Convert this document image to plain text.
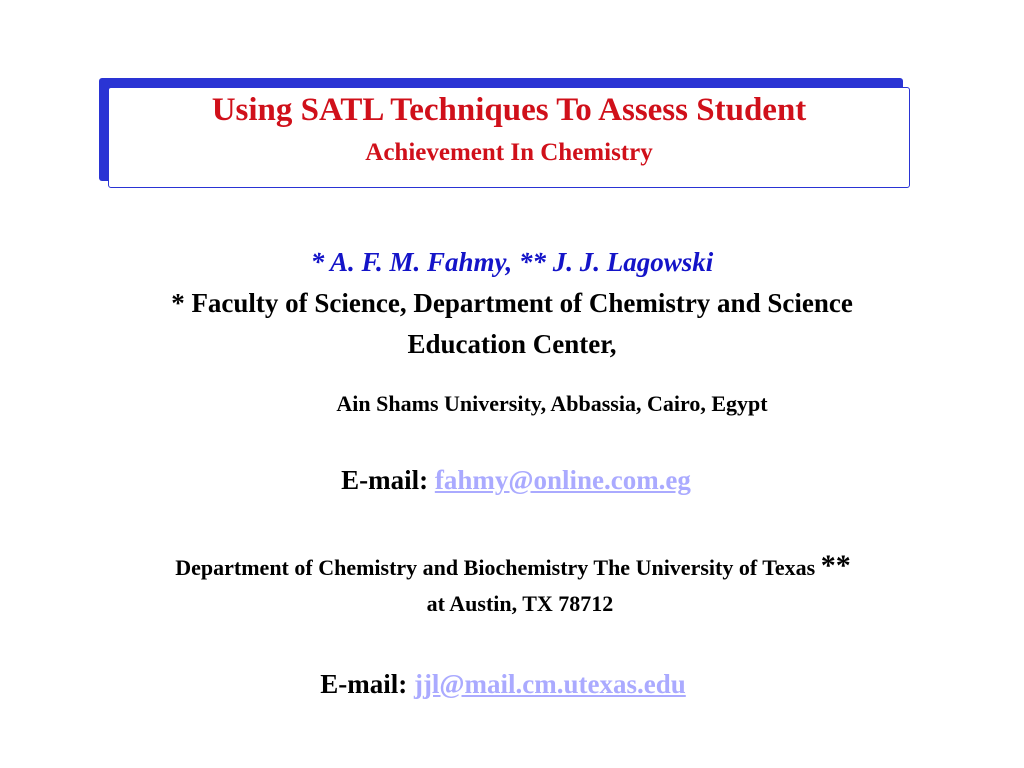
Using SATL Techniques To Assess Student
Achievement In Chemistry
* A. F. M. Fahmy, ** J. J. Lagowski
* Faculty of Science, Department of Chemistry and Science
Education Center,
Ain Shams University, Abbassia, Cairo, Egypt
E-mail: fahmy@online.com.eg
Department of Chemistry and Biochemistry The University of Texas **
at Austin, TX 78712
E-mail: jjl@mail.cm.utexas.edu
